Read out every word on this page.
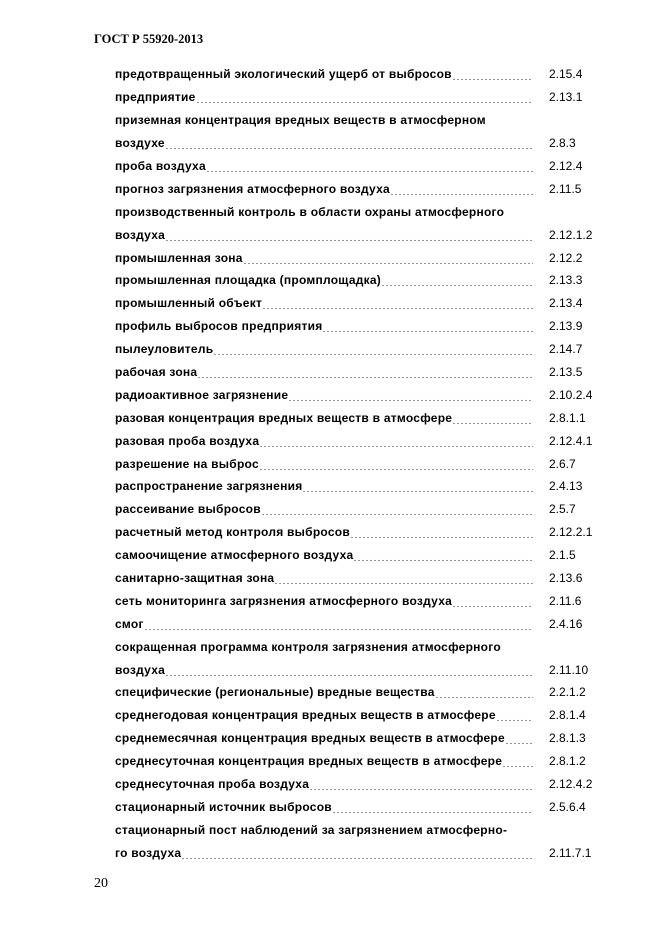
ГОСТ Р 55920-2013
предотвращенный экологический ущерб от выбросов	2.15.4
предприятие	2.13.1
приземная концентрация вредных веществ в атмосферном
воздухе	2.8.3
проба воздуха	2.12.4
прогноз загрязнения атмосферного воздуха	2.11.5
производственный контроль в области охраны атмосферного
воздуха	2.12.1.2
промышленная зона	2.12.2
промышленная площадка (промплощадка)	2.13.3
промышленный объект	2.13.4
профиль выбросов предприятия	2.13.9
пылеуловитель	2.14.7
рабочая зона	2.13.5
радиоактивное загрязнение	2.10.2.4
разовая концентрация вредных веществ в атмосфере	2.8.1.1
разовая проба воздуха	2.12.4.1
разрешение на выброс	2.6.7
распространение загрязнения	2.4.13
рассеивание выбросов	2.5.7
расчетный метод контроля выбросов	2.12.2.1
самоочищение атмосферного воздуха	2.1.5
санитарно-защитная зона	2.13.6
сеть мониторинга загрязнения атмосферного воздуха	2.11.6
смог	2.4.16
сокращенная программа контроля загрязнения атмосферного
воздуха	2.11.10
специфические (региональные) вредные вещества	2.2.1.2
среднегодовая концентрация вредных веществ в атмосфере	2.8.1.4
среднемесячная концентрация вредных веществ в атмосфере	2.8.1.3
среднесуточная концентрация вредных веществ в атмосфере	2.8.1.2
среднесуточная проба воздуха	2.12.4.2
стационарный источник выбросов	2.5.6.4
стационарный пост наблюдений за загрязнением атмосферно-
го воздуха	2.11.7.1
20
